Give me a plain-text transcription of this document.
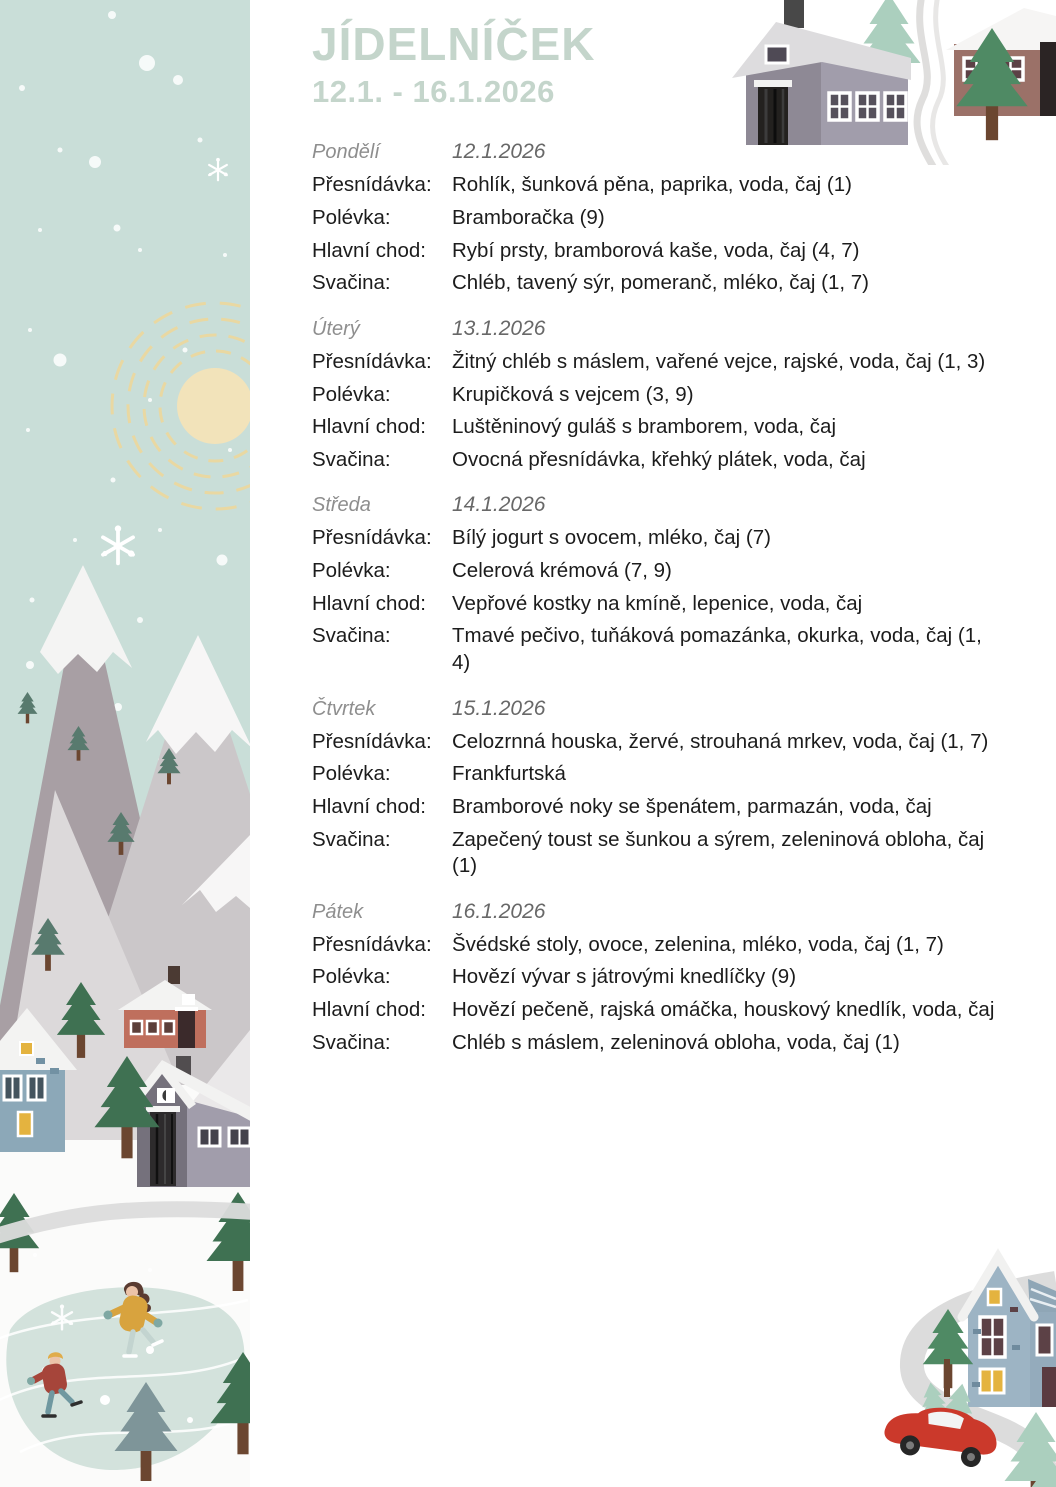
JÍDELNÍČEK
12.1. - 16.1.2026
Pondělí	12.1.2026
Přesnídávka: Rohlík, šunková pěna, paprika, voda, čaj (1)
Polévka:	Bramboračka (9)
Hlavní chod:	Rybí prsty, bramborová kaše, voda, čaj (4, 7)
Svačina:	Chléb, tavený sýr, pomeranč, mléko, čaj (1, 7)
Úterý	13.1.2026
Přesnídávka: Žitný chléb s máslem, vařené vejce, rajské, voda, čaj (1, 3)
Polévka:	Krupičková s vejcem (3, 9)
Hlavní chod:	Luštěninový guláš s bramborem, voda, čaj
Svačina:	Ovocná přesnídávka, křehký plátek, voda, čaj
Středa	14.1.2026
Přesnídávka: Bílý jogurt s ovocem, mléko, čaj (7)
Polévka:	Celerová krémová (7, 9)
Hlavní chod:	Vepřové kostky na kmíně, lepenice, voda, čaj
Svačina:	Tmavé pečivo, tuňáková pomazánka, okurka, voda, čaj (1, 4)
Čtvrtek	15.1.2026
Přesnídávka: Celozrnná houska, žervé, strouhaná mrkev, voda, čaj (1, 7)
Polévka:	Frankfurtská
Hlavní chod:	Bramborové noky se špenátem, parmazán, voda, čaj
Svačina:	Zapečený toust se šunkou a sýrem, zeleninová obloha, čaj (1)
Pátek	16.1.2026
Přesnídávka: Švédské stoly, ovoce, zelenina, mléko, voda, čaj (1, 7)
Polévka:	Hovězí vývar s játrovými knedlíčky (9)
Hlavní chod:	Hovězí pečeně, rajská omáčka, houskový knedlík, voda, čaj
Svačina:	Chléb s máslem, zeleninová obloha, voda, čaj (1)
